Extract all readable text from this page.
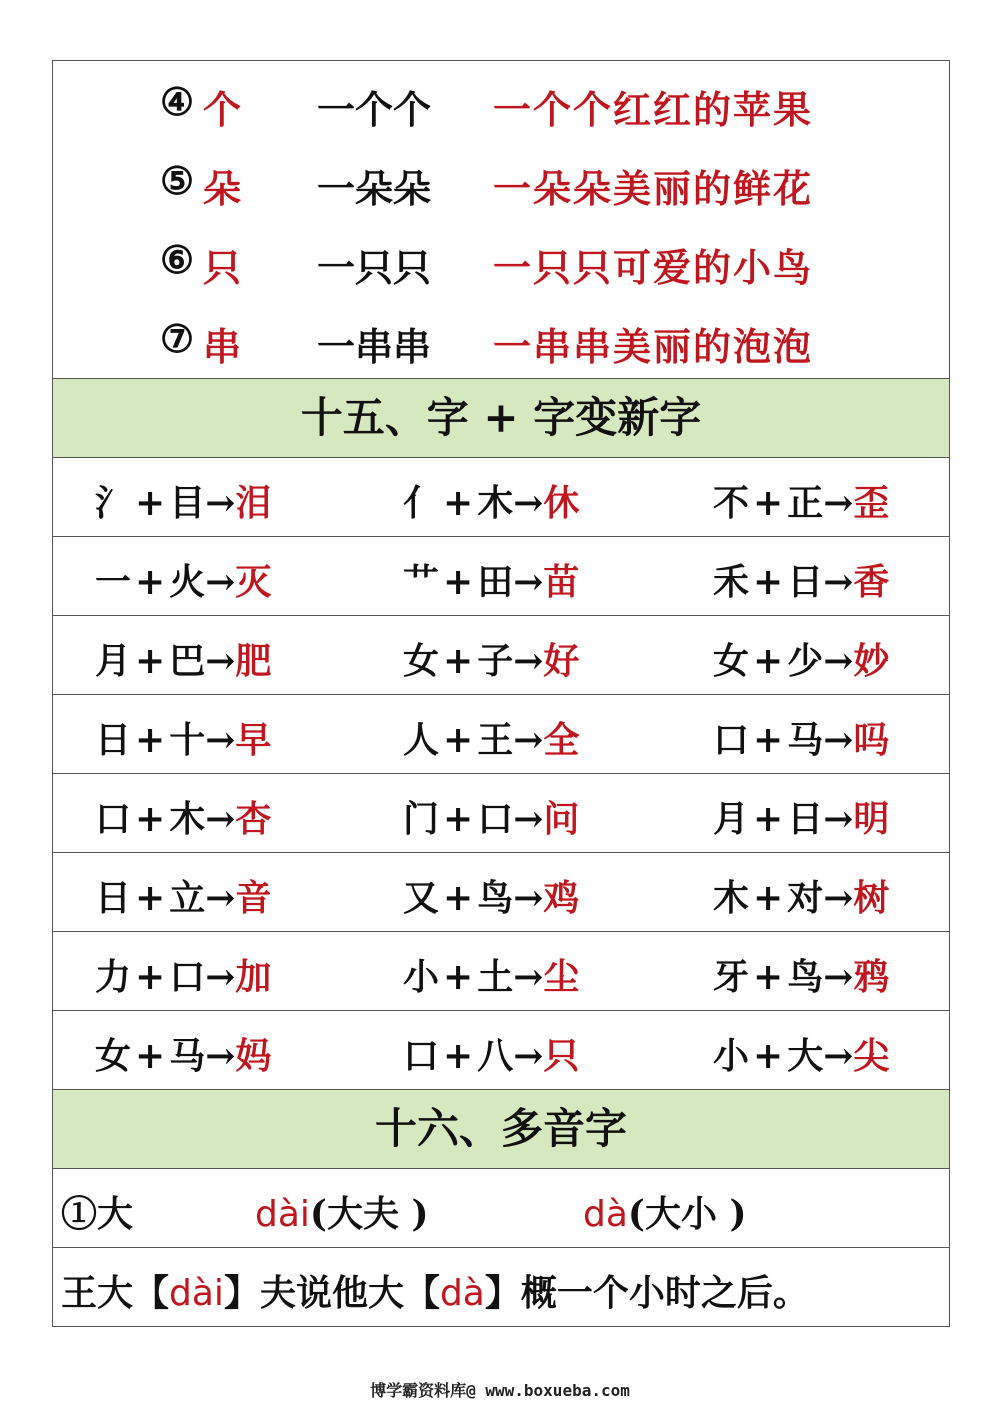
④ 个 一个个 一个个红红的苹果
⑤ 朵 一朵朵 一朵朵美丽的鲜花
⑥ 只 一只只 一只只可爱的小鸟
⑦ 串 一串串 一串串美丽的泡泡
十五、字 + 字变新字
氵 + 目→泪	亻 + 木→休	不 + 正→歪
一 + 火→灭	艹 + 田→苗	禾 + 日→香
月 + 巴→肥	女 + 子→好	女 + 少→妙
日 + 十→早	人 + 王→全	口 + 马→吗
口 + 木→杏	门 + 口→问	月 + 日→明
日 + 立→音	又 + 鸟→鸡	木 + 对→树
力 + 口→加	小 + 土→尘	牙 + 鸟→鸦
女 + 马→妈	口 + 八→只	小 + 大→尖
十六、多音字
①大	dài(大夫 )	dà(大小 )
王大【dài】夫说他大【dà】概一个小时之后。
博学霸资料库@ www.boxueba.com
